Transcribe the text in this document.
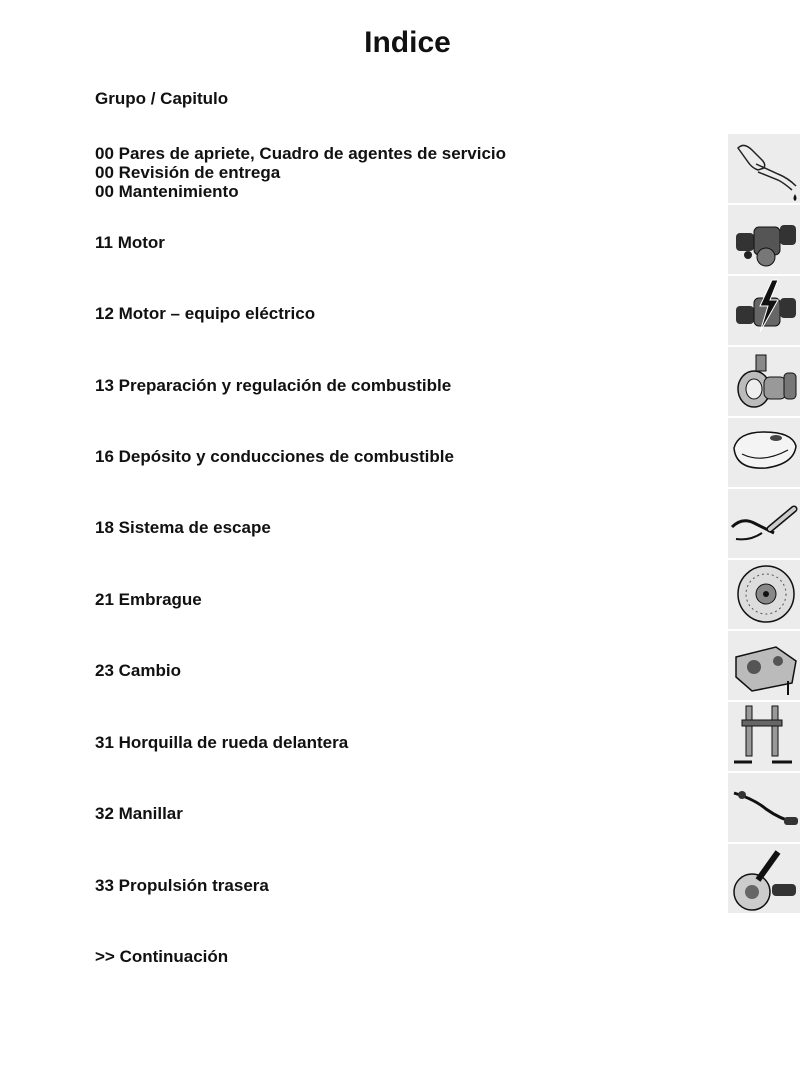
Indice
Grupo / Capitulo
00 Pares de apriete, Cuadro de agentes de servicio
00 Revisión de entrega
00 Mantenimiento
11 Motor
12 Motor – equipo eléctrico
13 Preparación y regulación de combustible
16 Depósito y conducciones de combustible
18 Sistema de escape
21 Embrague
23 Cambio
31 Horquilla de rueda delantera
32 Manillar
33 Propulsión trasera
>> Continuación
